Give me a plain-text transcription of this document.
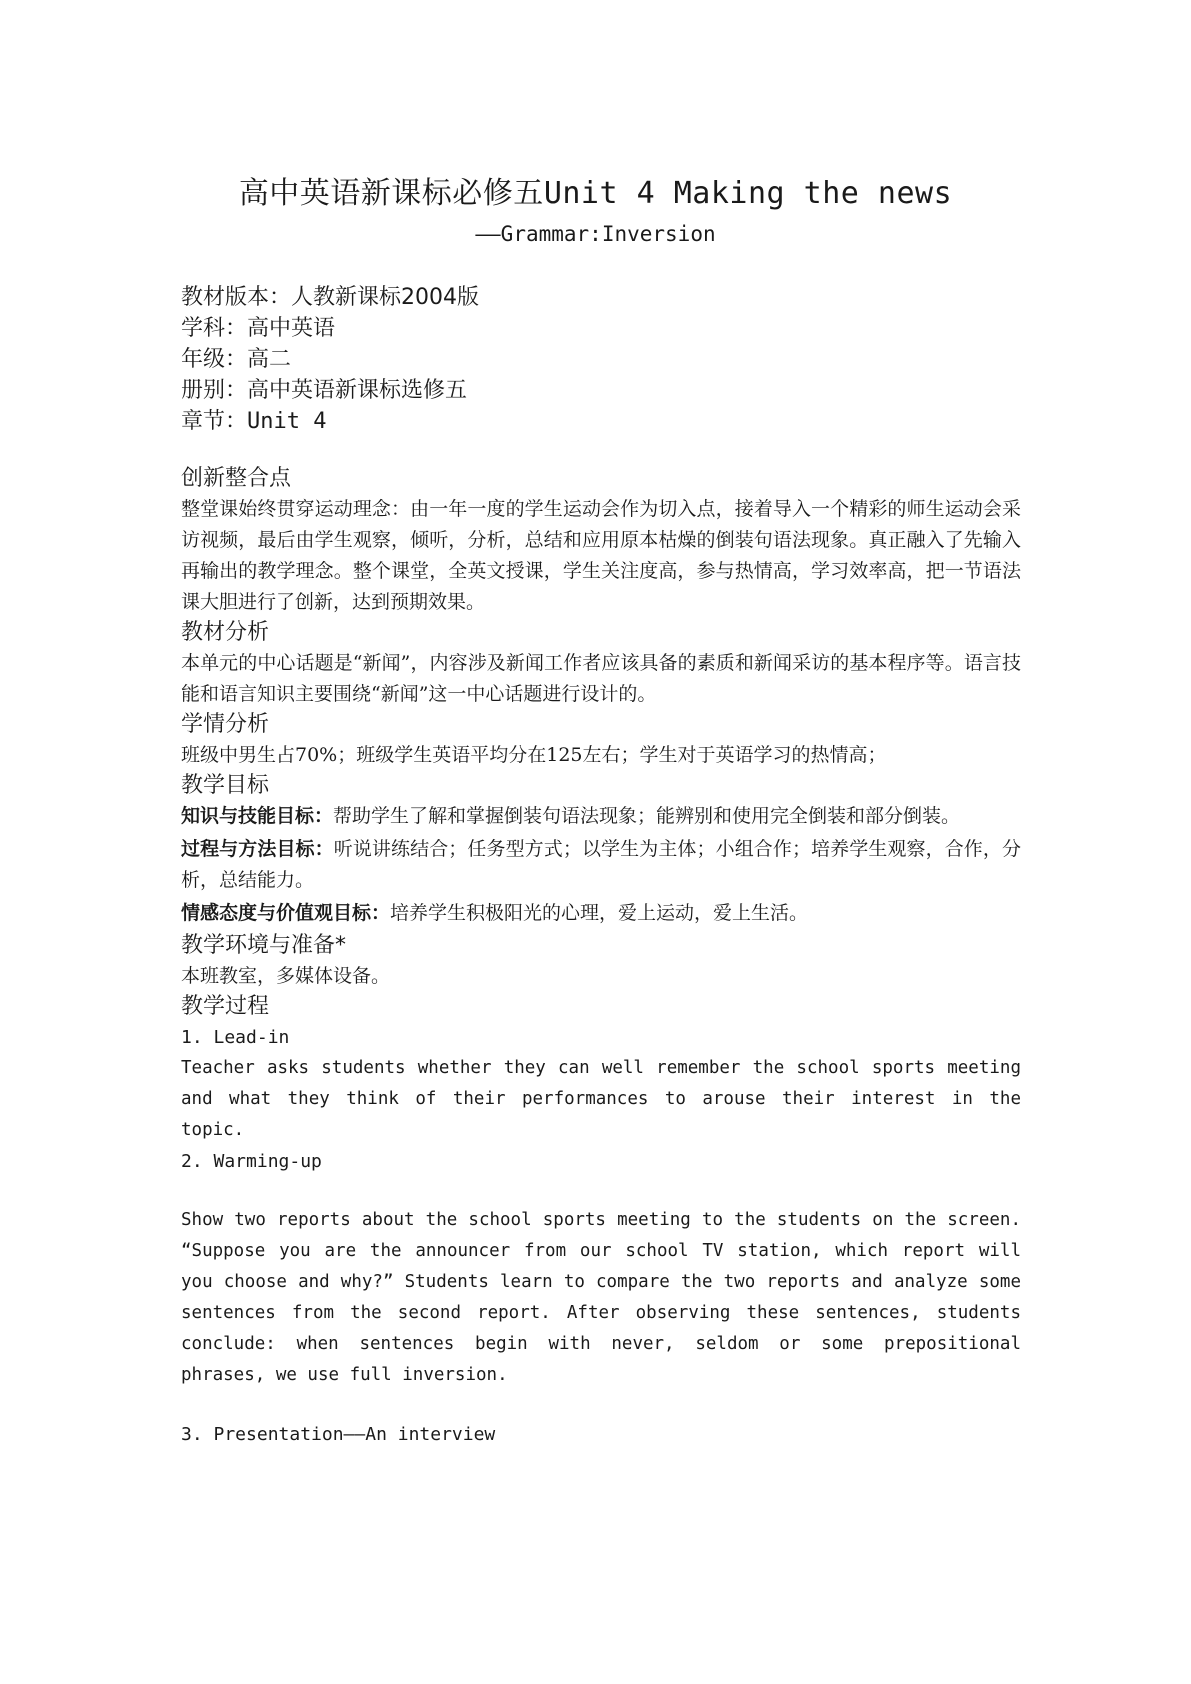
高中英语新课标必修五Unit 4 Making the news
——Grammar:Inversion

教材版本：人教新课标2004版

学科：高中英语

年级：高二

册别：高中英语新课标选修五

章节：Unit 4

创新整合点

整堂课始终贯穿运动理念：由一年一度的学生运动会作为切入点，接着导入一个精彩的师生运动会采访视频，最后由学生观察，倾听，分析，总结和应用原本枯燥的倒装句语法现象。真正融入了先输入再输出的教学理念。整个课堂，全英文授课，学生关注度高，参与热情高，学习效率高，把一节语法课大胆进行了创新，达到预期效果。

教材分析

本单元的中心话题是“新闻”，内容涉及新闻工作者应该具备的素质和新闻采访的基本程序等。语言技能和语言知识主要围绕“新闻”这一中心话题进行设计的。

学情分析

班级中男生占70%；班级学生英语平均分在125左右；学生对于英语学习的热情高；

教学目标

知识与技能目标：帮助学生了解和掌握倒装句语法现象；能辨别和使用完全倒装和部分倒装。

过程与方法目标：听说讲练结合；任务型方式；以学生为主体；小组合作；培养学生观察，合作，分析，总结能力。

情感态度与价值观目标：培养学生积极阳光的心理，爱上运动，爱上生活。

教学环境与准备*

本班教室，多媒体设备。

教学过程

1. Lead-in

Teacher asks students whether they can well remember the school sports meeting and what they think of their performances to arouse their interest in the topic.

2. Warming-up

Show two reports about the school sports meeting to the students on the screen. “Suppose you are the announcer from our school TV station, which report will you choose and why?” Students learn to compare the two reports and analyze some sentences from the second report. After observing these sentences, students conclude: when sentences begin with never, seldom or some prepositional phrases, we use full inversion.

3. Presentation——An interview
